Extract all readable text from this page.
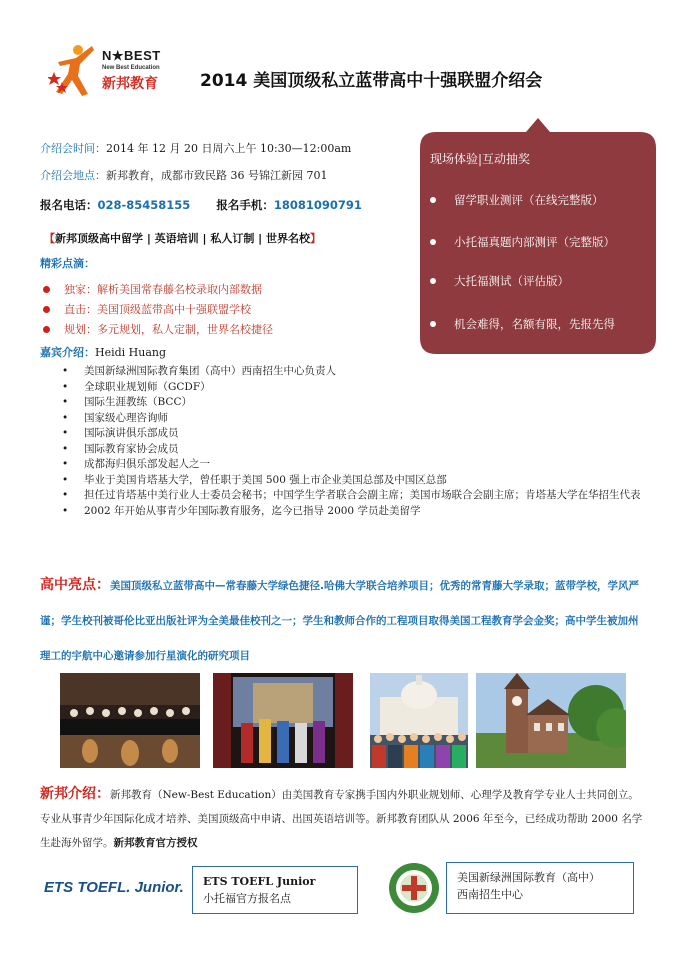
N★BEST
New Best Education
新邦教育 2014 美国顶级私立蓝带高中十强联盟介绍会
介绍会时间：2014 年 12 月 20 日周六上午 10:30—12:00am
介绍会地点：新邦教育，成都市致民路 36 号锦江新园 701
报名电话：028-85458155 报名手机：18081090791
【新邦顶级高中留学 | 英语培训 | 私人订制 | 世界名校】
精彩点滴：
独家：解析美国常春藤名校录取内部数据
直击：美国顶级蓝带高中十强联盟学校
规划：多元规划，私人定制，世界名校捷径
嘉宾介绍：Heidi Huang
•	美国新绿洲国际教育集团（高中）西南招生中心负责人
•	全球职业规划师（GCDF）
•	国际生涯教练（BCC）
•	国家级心理咨询师
•	国际演讲俱乐部成员
•	国际教育家协会成员
•	成都海归俱乐部发起人之一
•	毕业于美国肯塔基大学，曾任职于美国 500 强上市企业美国总部及中国区总部
•	担任过肯塔基中美行业人士委员会秘书；中国学生学者联合会副主席；美国市场联合会副主席；肯塔基大学在华招生代表
•	2002 年开始从事青少年国际教育服务，迄今已指导 2000 学员赴美留学
现场体验|互动抽奖
留学职业测评（在线完整版）
小托福真题内部测评（完整版）
大托福测试（评估版）
机会难得，名额有限，先报先得
高中亮点：美国顶级私立蓝带高中—常春藤大学绿色捷径.哈佛大学联合培养项目；优秀的常青藤大学录取；蓝带学校，学风严谨；学生校刊被哥伦比亚出版社评为全美最佳校刊之一；学生和教师合作的工程项目取得美国工程教育学会金奖；高中学生被加州理工的宇航中心邀请参加行星演化的研究项目
新邦介绍：新邦教育（New-Best Education）由美国教育专家携手国内外职业规划师、心理学及教育学专业人士共同创立。专业从事青少年国际化成才培养、美国顶级高中申请、出国英语培训等。新邦教育团队从 2006 年至今，已经成功帮助 2000 名学生赴海外留学。新邦教育官方授权
ETS TOEFL. Junior. ETS TOEFL Junior
小托福官方报名点
美国新绿洲国际教育（高中）
西南招生中心
